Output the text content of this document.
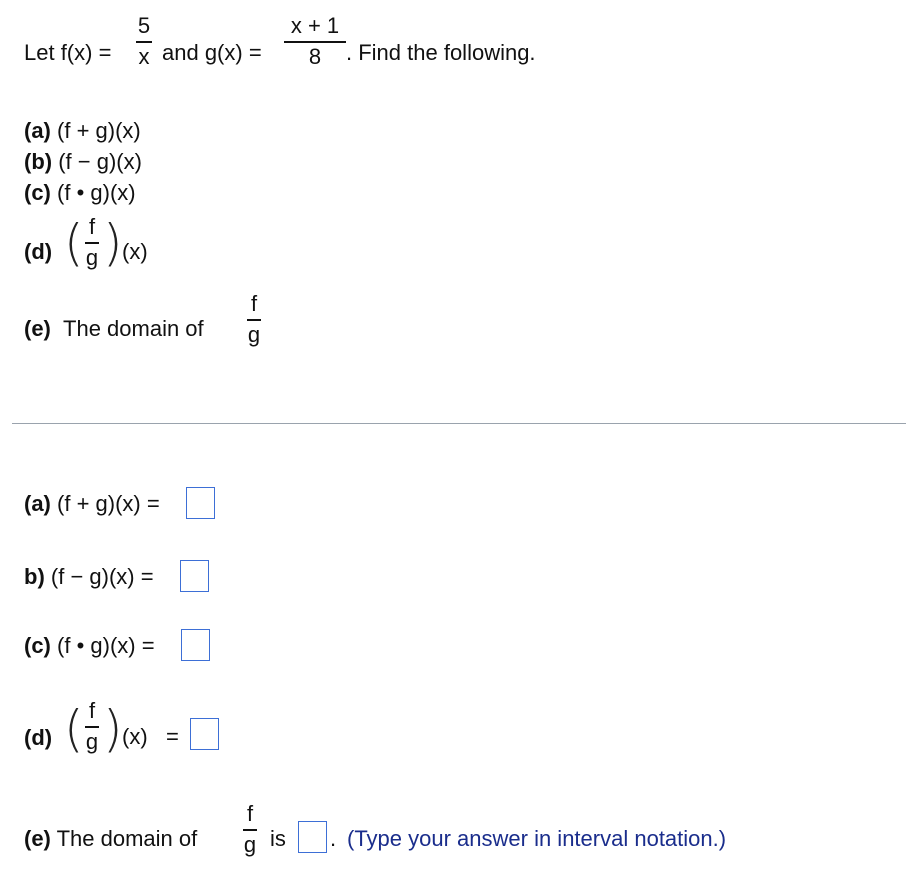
Let f(x) =
5
x and g(x) =
x + 1
8 . Find the following.
(a) (f + g)(x)
(b) (f − g)(x)
(c) (f • g)(x)
(d) ( f
g ) (x)
(e) The domain of
f
g
(a) (f + g)(x) =
b) (f − g)(x) =
(c) (f • g)(x) =
(d) ( f
g ) (x) =
(e) The domain of
f
g is . (Type your answer in interval notation.)
